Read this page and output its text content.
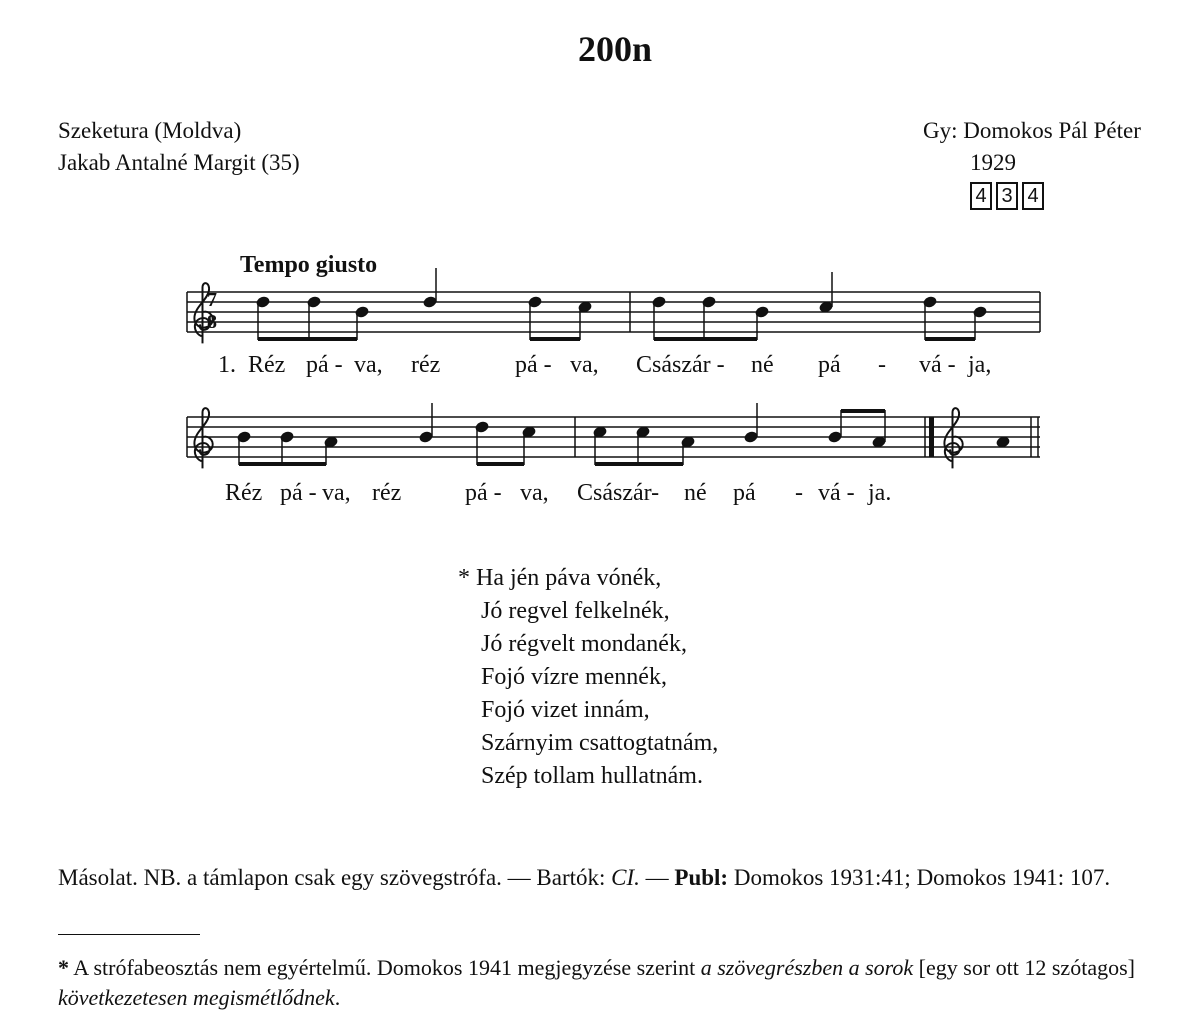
200n
Szeketura (Moldva)
Jakab Antalné Margit (35)
Gy: Domokos Pál Péter
1929
4 3 4
Tempo giusto
7
8
1. Réz pá - va, réz	pá - va, Császár - né pá - vá - ja,
Réz pá - va, réz	pá - va, Császár- né pá - vá - ja.
* Ha jén páva vónék,
Jó regvel felkelnék,
Jó régvelt mondanék,
Fojó vízre mennék,
Fojó vizet innám,
Szárnyim csattogtatnám,
Szép tollam hullatnám.
Másolat. NB. a támlapon csak egy szövegstrófa. — Bartók: CI. — Publ: Domokos 1931:41; Domokos 1941: 107.
* A strófabeosztás nem egyértelmű. Domokos 1941 megjegyzése szerint a szövegrészben a sorok [egy sor ott 12 szótagos] következetesen megismétlődnek.
